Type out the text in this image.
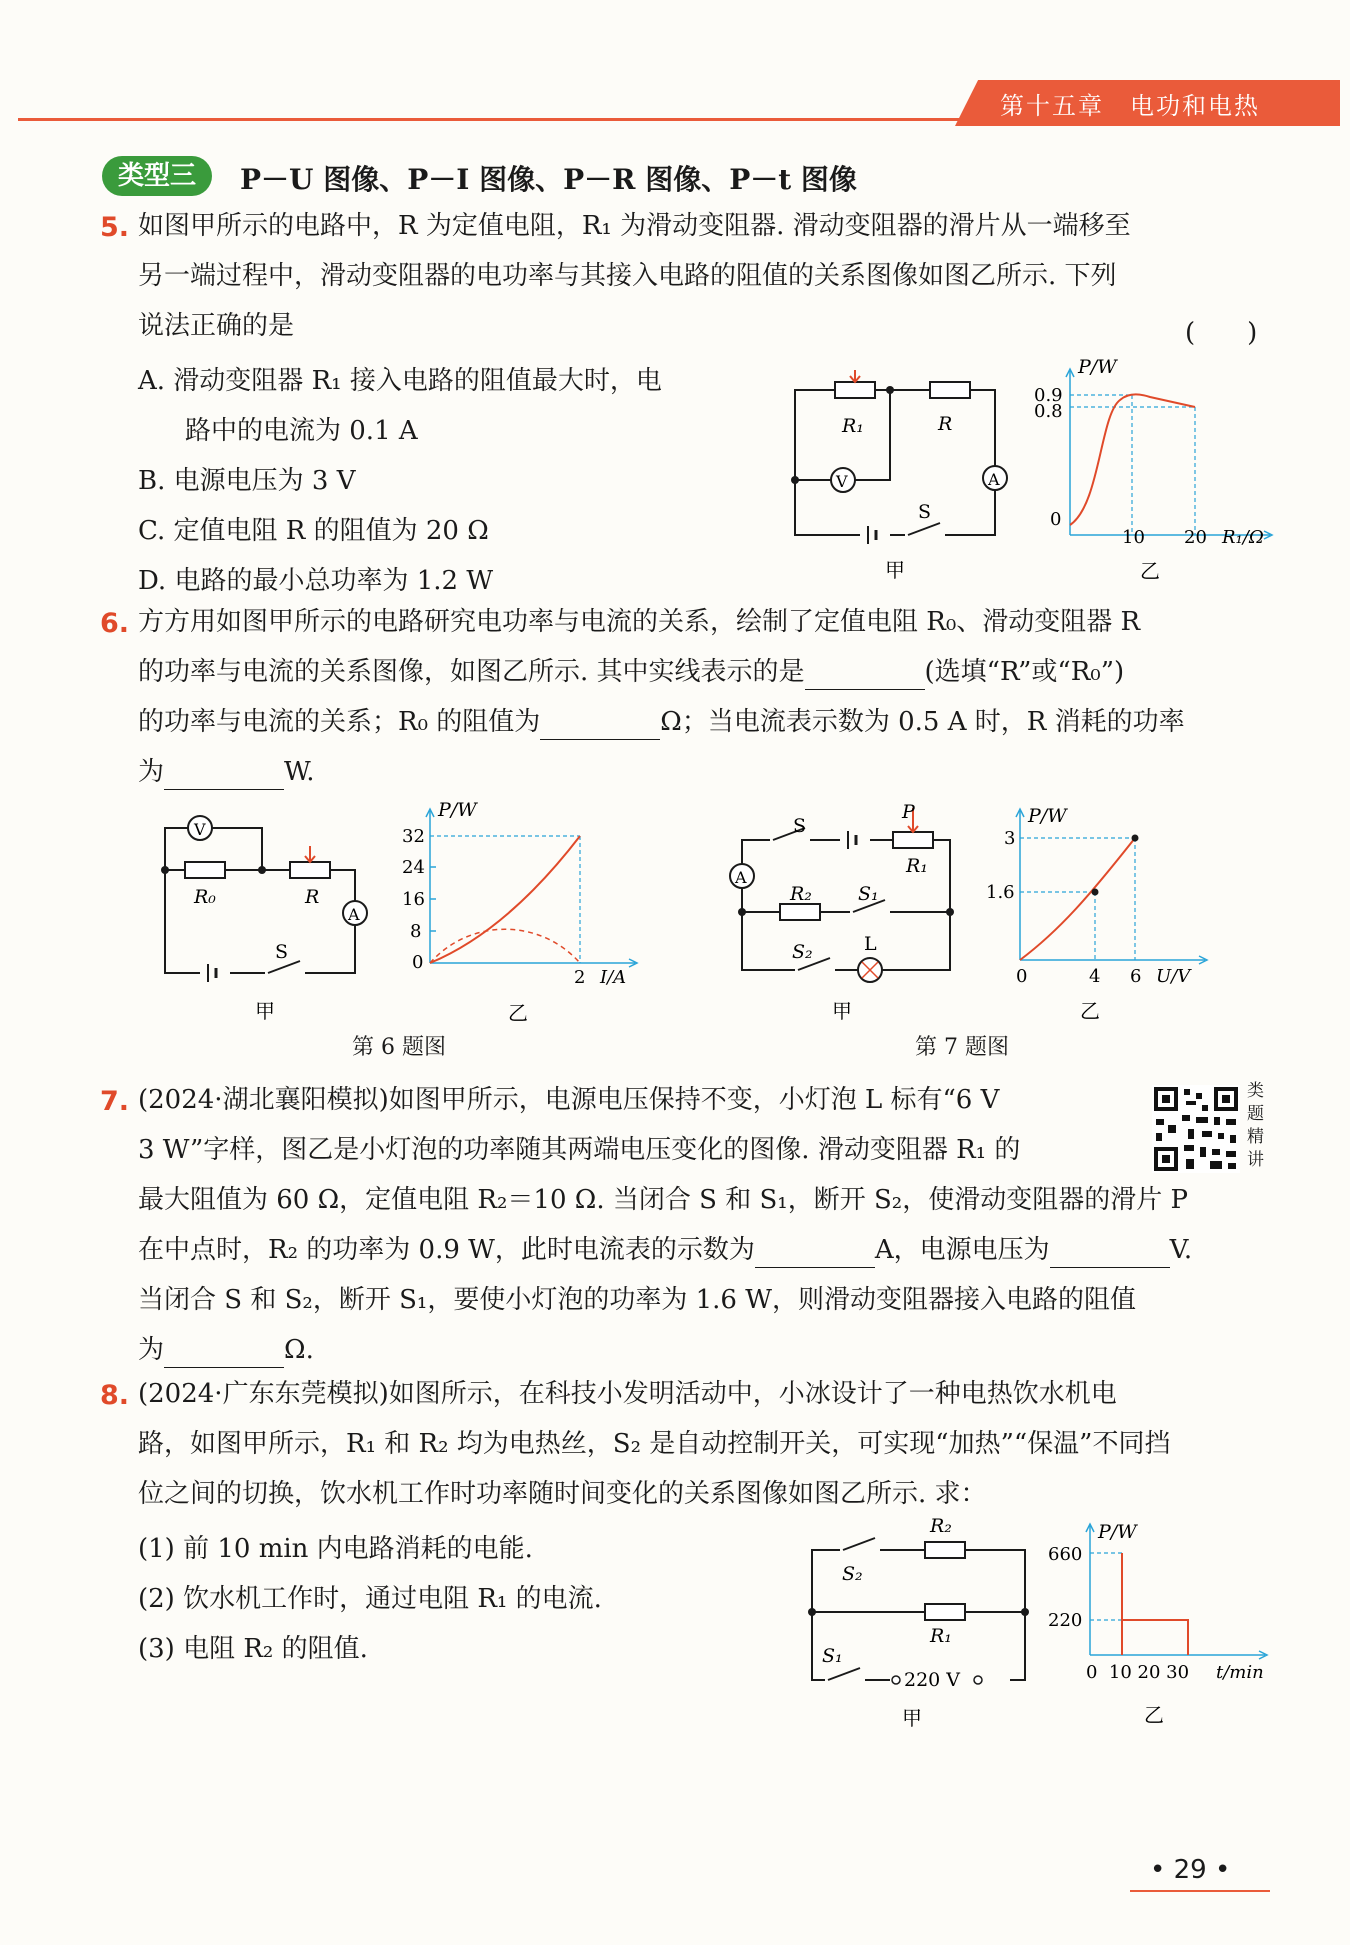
第十五章　电功和电热
类型三	P－U 图像、P－I 图像、P－R 图像、P－t 图像
5. 如图甲所示的电路中，R 为定值电阻，R₁ 为滑动变阻器. 滑动变阻器的滑片从一端移至
另一端过程中，滑动变阻器的电功率与其接入电路的阻值的关系图像如图乙所示. 下列
说法正确的是	(　　)
A. 滑动变阻器 R₁ 接入电路的阻值最大时，电
路中的电流为 0.1 A
B. 电源电压为 3 V
C. 定值电阻 R 的阻值为 20 Ω
D. 电路的最小总功率为 1.2 W
R₁	R
V	A
S
甲
P/W
0.9
0.8
0
10 20 R₁/Ω
乙
6. 方方用如图甲所示的电路研究电功率与电流的关系，绘制了定值电阻 R₀、滑动变阻器 R
的功率与电流的关系图像，如图乙所示. 其中实线表示的是	(选填“R”或“R₀”)
的功率与电流的关系；R₀ 的阻值为	Ω；当电流表示数为 0.5 A 时，R 消耗的功率
为	W.
V
R₀	R
A
S
甲
P/W
32
24
16
8
0
2 I/A
乙
第 6 题图
S
P
R₁
A
R₂ S₁
S₂	L
甲
P/W
3
1.6
0	4 6 U/V
乙
第 7 题图
7. (2024·湖北襄阳模拟)如图甲所示，电源电压保持不变，小灯泡 L 标有“6 V
3 W”字样，图乙是小灯泡的功率随其两端电压变化的图像. 滑动变阻器 R₁ 的
最大阻值为 60 Ω，定值电阻 R₂＝10 Ω. 当闭合 S 和 S₁，断开 S₂，使滑动变阻器的滑片 P
在中点时，R₂ 的功率为 0.9 W，此时电流表的示数为	A，电源电压为	V.
当闭合 S 和 S₂，断开 S₁，要使小灯泡的功率为 1.6 W，则滑动变阻器接入电路的阻值
为	Ω.
类题精讲
8. (2024·广东东莞模拟)如图所示，在科技小发明活动中，小冰设计了一种电热饮水机电
路，如图甲所示，R₁ 和 R₂ 均为电热丝，S₂ 是自动控制开关，可实现“加热”“保温”不同挡
位之间的切换，饮水机工作时功率随时间变化的关系图像如图乙所示. 求：
(1) 前 10 min 内电路消耗的电能.
(2) 饮水机工作时，通过电阻 R₁ 的电流.
(3) 电阻 R₂ 的阻值.
S₂
R₂
R₁
S₁
220 V
甲
P/W
660
220
0  10 20 30 t/min
乙
• 29 •
